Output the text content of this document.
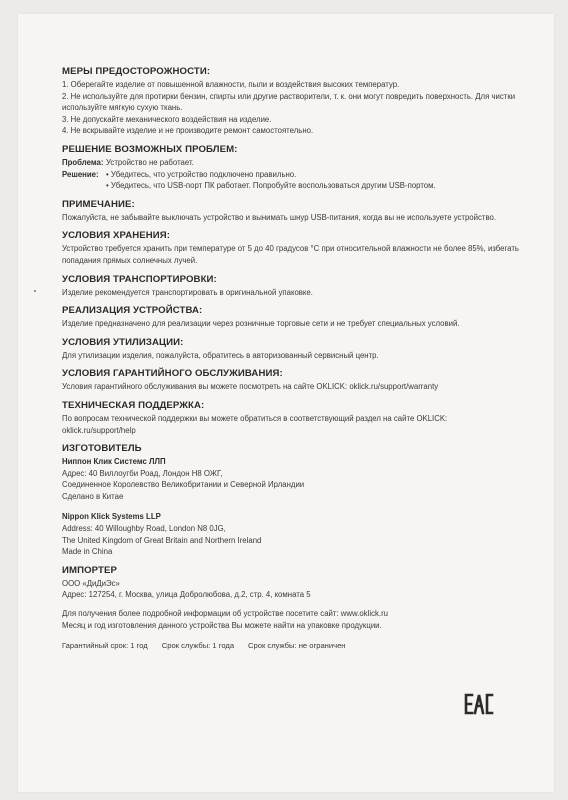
МЕРЫ ПРЕДОСТОРОЖНОСТИ:

1. Оберегайте изделие от повышенной влажности, пыли и воздействия высоких температур.

2. Не используйте для протирки бензин, спирты или другие растворители, т. к. они могут повредить поверхность. Для чистки используйте мягкую сухую ткань.

3. Не допускайте механического воздействия на изделие.

4. Не вскрывайте изделие и не производите ремонт самостоятельно.

РЕШЕНИЕ ВОЗМОЖНЫХ ПРОБЛЕМ:
Проблема: Устройство не работает.
Решение:
•	Убедитесь, что устройство подключено правильно.
• Убедитесь, что USB-порт ПК работает. Попробуйте воспользоваться другим USB-портом.
ПРИМЕЧАНИЕ:

Пожалуйста, не забывайте выключать устройство и вынимать шнур USB-питания, когда вы не используете устройство.

УСЛОВИЯ ХРАНЕНИЯ:

Устройство требуется хранить при температуре от 5 до 40 градусов °С при относительной влажности не более 85%, избегать попадания прямых солнечных лучей.

УСЛОВИЯ ТРАНСПОРТИРОВКИ:

Изделие рекомендуется транспортировать в оригинальной упаковке.

РЕАЛИЗАЦИЯ УСТРОЙСТВА:

Изделие предназначено для реализации через розничные торговые сети и не требует специальных условий.

УСЛОВИЯ УТИЛИЗАЦИИ:

Для утилизации изделия, пожалуйста, обратитесь в авторизованный сервисный центр.

УСЛОВИЯ ГАРАНТИЙНОГО ОБСЛУЖИВАНИЯ:

Условия гарантийного обслуживания вы можете посмотреть на сайте OKLICK: oklick.ru/support/warranty

ТЕХНИЧЕСКАЯ ПОДДЕРЖКА:

По вопросам технической поддержки вы можете обратиться в соответствующий раздел на сайте OKLICK: oklick.ru/support/help

ИЗГОТОВИТЕЛЬ

Ниппон Клик Системс ЛЛП

Адрес: 40 Виллоугби Роад, Лондон Н8 ОЖГ,

Соединенное Королевство Великобритании и Северной Ирландии

Сделано в Китае

Nippon Klick Systems LLP

Address: 40 Willoughby Road, London N8 0JG,

The United Kingdom of Great Britain and Northern Ireland

Made in China

ИМПОРТЕР

ООО «ДиДиЭс»

Адрес: 127254, г. Москва, улица Добролюбова, д.2, стр. 4, комната 5

Для получения более подробной информации об устройстве посетите сайт: www.oklick.ru

Месяц и год изготовления данного устройства Вы можете найти на упаковке продукции.

Гарантийный срок: 1 год Срок службы: 1 года Срок службы: не ограничен
